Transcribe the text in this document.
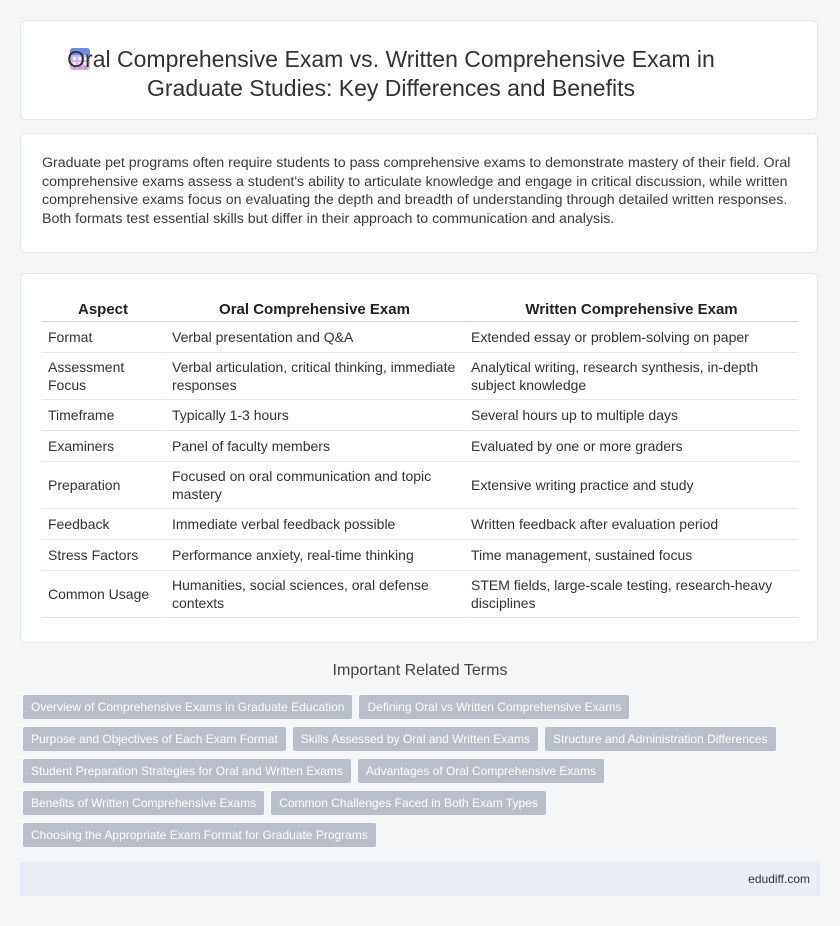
Oral Comprehensive Exam vs. Written Comprehensive Exam in Graduate Studies: Key Differences and Benefits

Graduate pet programs often require students to pass comprehensive exams to demonstrate mastery of their field. Oral comprehensive exams assess a student's ability to articulate knowledge and engage in critical discussion, while written comprehensive exams focus on evaluating the depth and breadth of understanding through detailed written responses. Both formats test essential skills but differ in their approach to communication and analysis.

Aspect	Oral Comprehensive Exam	Written Comprehensive Exam
Format	Verbal presentation and Q&A	Extended essay or problem-solving on paper
Assessment Focus	Verbal articulation, critical thinking, immediate responses	Analytical writing, research synthesis, in-depth subject knowledge
Timeframe	Typically 1-3 hours	Several hours up to multiple days
Examiners	Panel of faculty members	Evaluated by one or more graders
Preparation	Focused on oral communication and topic mastery	Extensive writing practice and study
Feedback	Immediate verbal feedback possible	Written feedback after evaluation period
Stress Factors	Performance anxiety, real-time thinking	Time management, sustained focus
Common Usage	Humanities, social sciences, oral defense contexts	STEM fields, large-scale testing, research-heavy disciplines
Important Related Terms
Overview of Comprehensive Exams in Graduate Education	Defining Oral vs Written Comprehensive Exams
Purpose and Objectives of Each Exam Format	Skills Assessed by Oral and Written Exams	Structure and Administration Differences
Student Preparation Strategies for Oral and Written Exams	Advantages of Oral Comprehensive Exams
Benefits of Written Comprehensive Exams	Common Challenges Faced in Both Exam Types
Choosing the Appropriate Exam Format for Graduate Programs
edudiff.com
